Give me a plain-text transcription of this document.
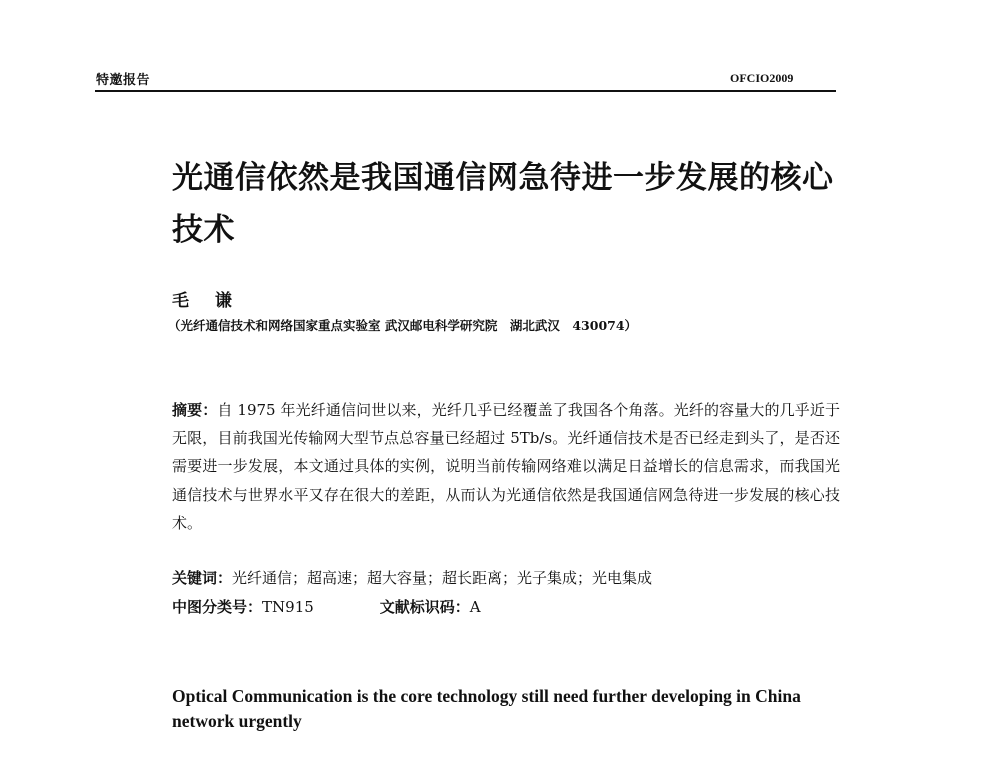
特邀报告	OFCIO2009
光通信依然是我国通信网急待进一步发展的核心
技术
毛 谦
（光纤通信技术和网络国家重点实验室 武汉邮电科学研究院　湖北武汉　430074）
摘要：自 1975 年光纤通信问世以来，光纤几乎已经覆盖了我国各个角落。光纤的容量大的几乎近于无限，目前我国光传输网大型节点总容量已经超过 5Tb/s。光纤通信技术是否已经走到头了，是否还需要进一步发展，本文通过具体的实例，说明当前传输网络难以满足日益增长的信息需求，而我国光通信技术与世界水平又存在很大的差距，从而认为光通信依然是我国通信网急待进一步发展的核心技术。
关键词：光纤通信；超高速；超大容量；超长距离；光子集成；光电集成
中图分类号：TN915	文献标识码：A
Optical Communication is the core technology still need further developing in China network urgently
